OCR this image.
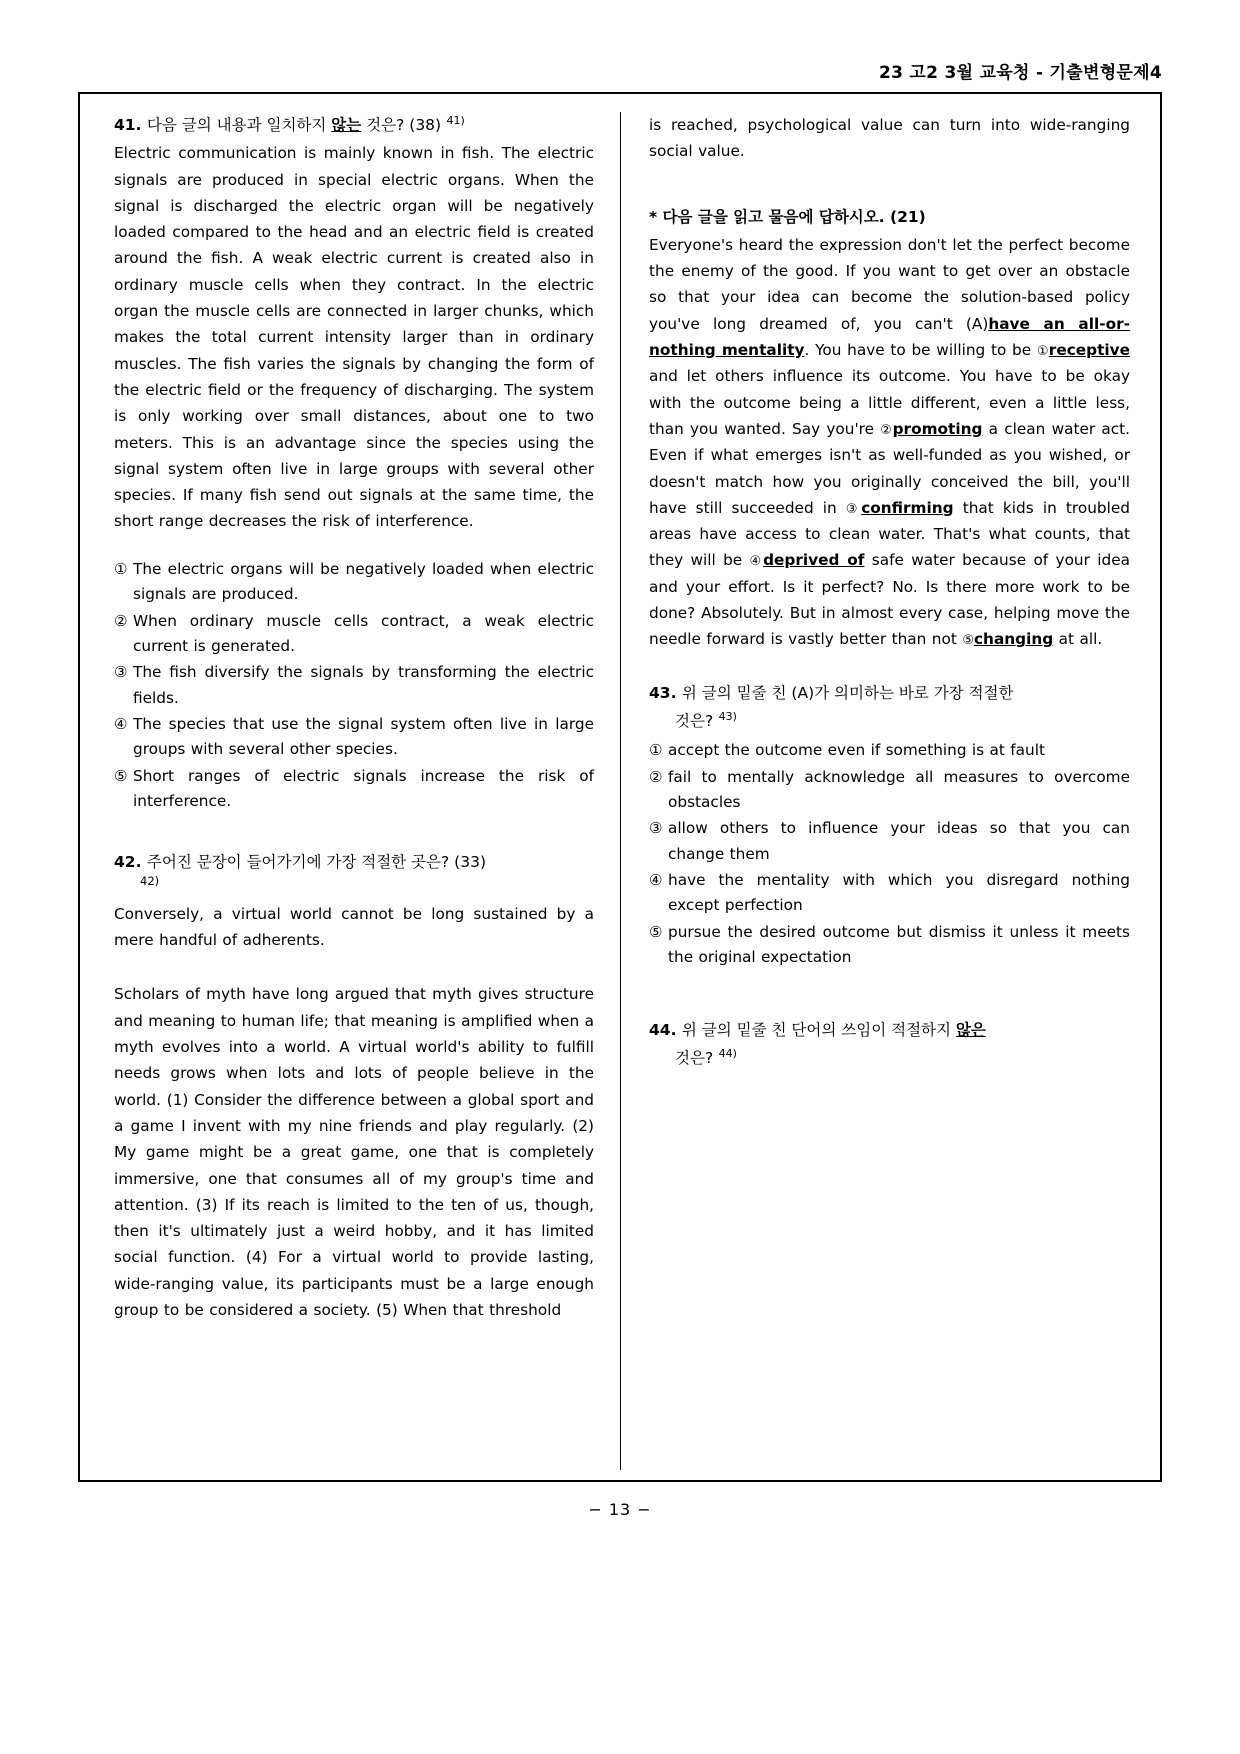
23 고2 3월 교육청 - 기출변형문제4
41. 다음 글의 내용과 일치하지 않는 것은? (38) $^{41)}$

Electric communication is mainly known in fish. The electric signals are produced in special electric organs. When the signal is discharged the electric organ will be negatively loaded compared to the head and an electric field is created around the fish. A weak electric current is created also in ordinary muscle cells when they contract. In the electric organ the muscle cells are connected in larger chunks, which makes the total current intensity larger than in ordinary muscles. The fish varies the signals by changing the form of the electric field or the frequency of discharging. The system is only working over small distances, about one to two meters. This is an advantage since the species using the signal system often live in large groups with several other species. If many fish send out signals at the same time, the short range decreases the risk of interference.

① The electric organs will be negatively loaded when electric signals are produced.
② When ordinary muscle cells contract, a weak electric current is generated.
③ The fish diversify the signals by transforming the electric fields.
④ The species that use the signal system often live in large groups with several other species.
⑤ Short ranges of electric signals increase the risk of interference.
42. 주어진 문장이 들어가기에 가장 적절한 곳은? (33)
42)

Conversely, a virtual world cannot be long sustained by a mere handful of adherents.

Scholars of myth have long argued that myth gives structure and meaning to human life; that meaning is amplified when a myth evolves into a world. A virtual world's ability to fulfill needs grows when lots and lots of people believe in the world. (1) Consider the difference between a global sport and a game I invent with my nine friends and play regularly. (2) My game might be a great game, one that is completely immersive, one that consumes all of my group's time and attention. (3) If its reach is limited to the ten of us, though, then it's ultimately just a weird hobby, and it has limited social function. (4) For a virtual world to provide lasting, wide-ranging value, its participants must be a large enough group to be considered a society. (5) When that threshold

is reached, psychological value can turn into wide-ranging social value.

* 다음 글을 읽고 물음에 답하시오. (21)

Everyone's heard the expression don't let the perfect become the enemy of the good. If you want to get over an obstacle so that your idea can become the solution-based policy you've long dreamed of, you can't (A)have an all-or-nothing mentality. You have to be willing to be ①receptive and let others influence its outcome. You have to be okay with the outcome being a little different, even a little less, than you wanted. Say you're ②promoting a clean water act. Even if what emerges isn't as well-funded as you wished, or doesn't match how you originally conceived the bill, you'll have still succeeded in ③confirming that kids in troubled areas have access to clean water. That's what counts, that they will be ④deprived of safe water because of your idea and your effort. Is it perfect? No. Is there more work to be done? Absolutely. But in almost every case, helping move the needle forward is vastly better than not ⑤changing at all.

43. 위 글의 밑줄 친 (A)가 의미하는 바로 가장 적절한
것은? $^{43)}$
① accept the outcome even if something is at fault
② fail to mentally acknowledge all measures to overcome obstacles
③ allow others to influence your ideas so that you can change them
④ have the mentality with which you disregard nothing except perfection
⑤ pursue the desired outcome but dismiss it unless it meets the original expectation
44. 위 글의 밑줄 친 단어의 쓰임이 적절하지 않은
것은? $^{44)}$
− 13 −
